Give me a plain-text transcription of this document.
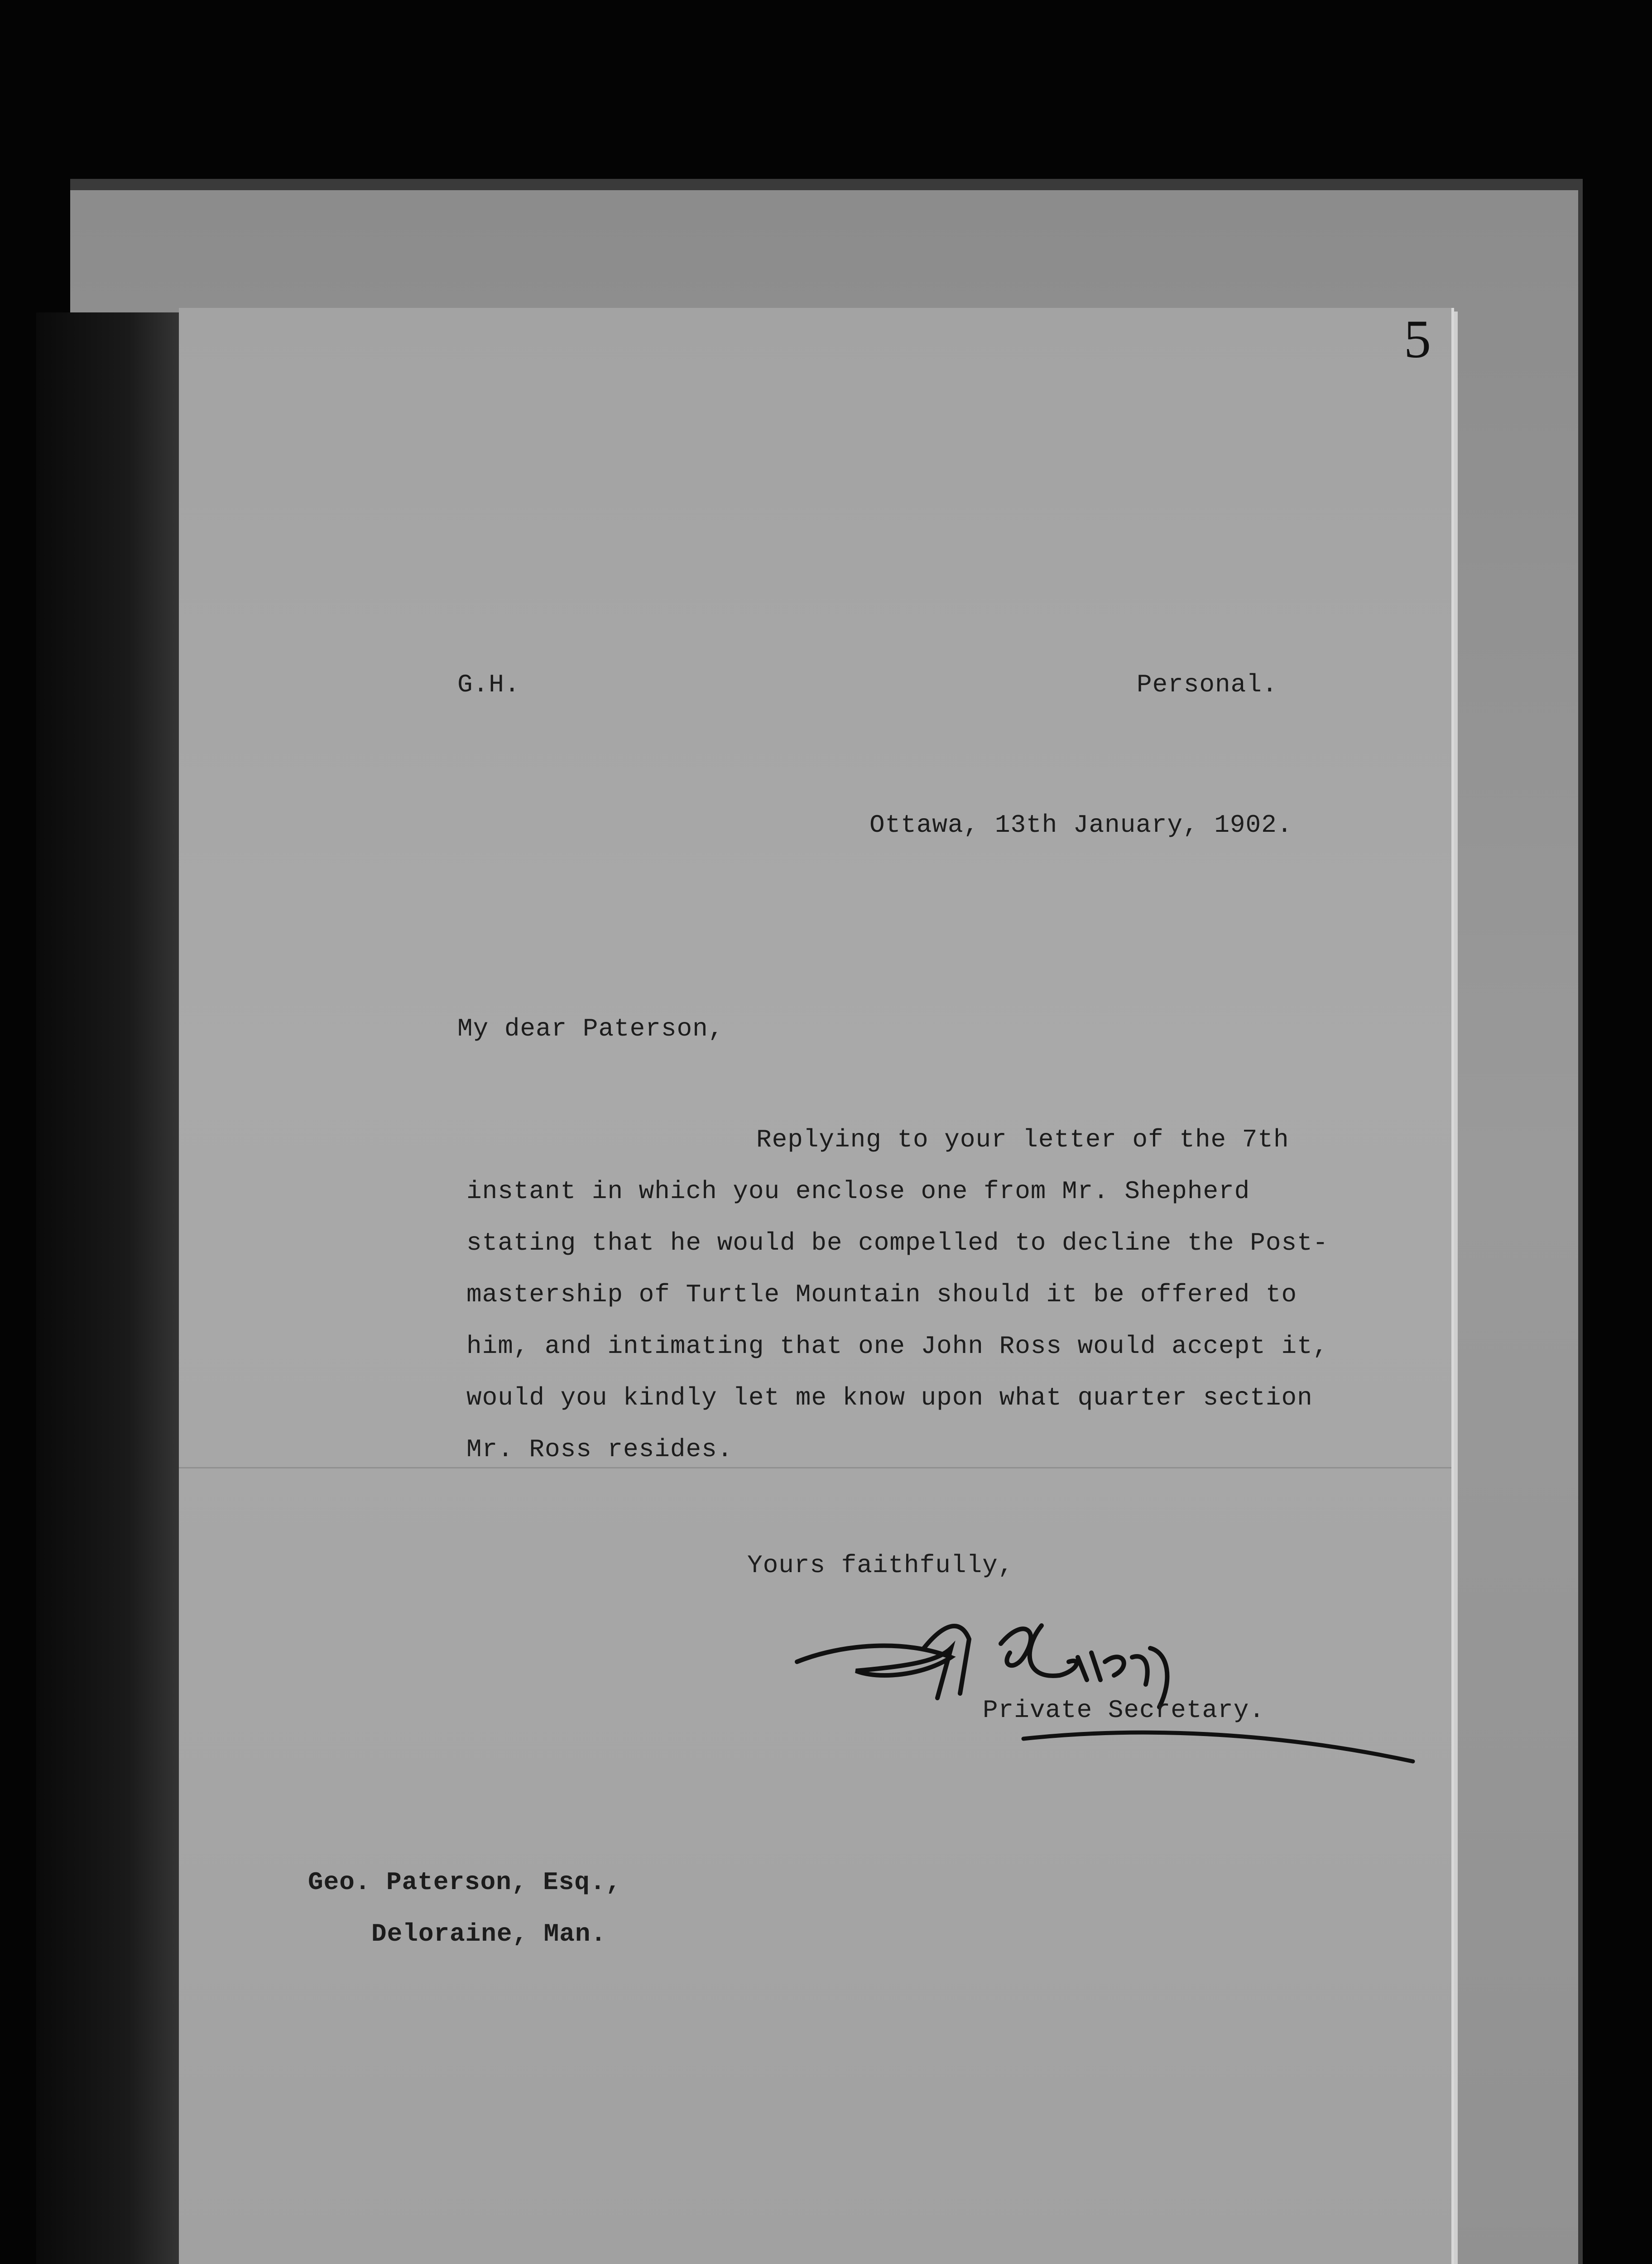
5
G.H.	Personal.
Ottawa, 13th January, 1902.
My dear Paterson,
Replying to your letter of the 7th
instant in which you enclose one from Mr. Shepherd
stating that he would be compelled to decline the Post-
mastership of Turtle Mountain should it be offered to
him, and intimating that one John Ross would accept it,
would you kindly let me know upon what quarter section
Mr. Ross resides.
Yours faithfully,
Private Secretary.
Geo. Paterson, Esq.,
Deloraine, Man.
